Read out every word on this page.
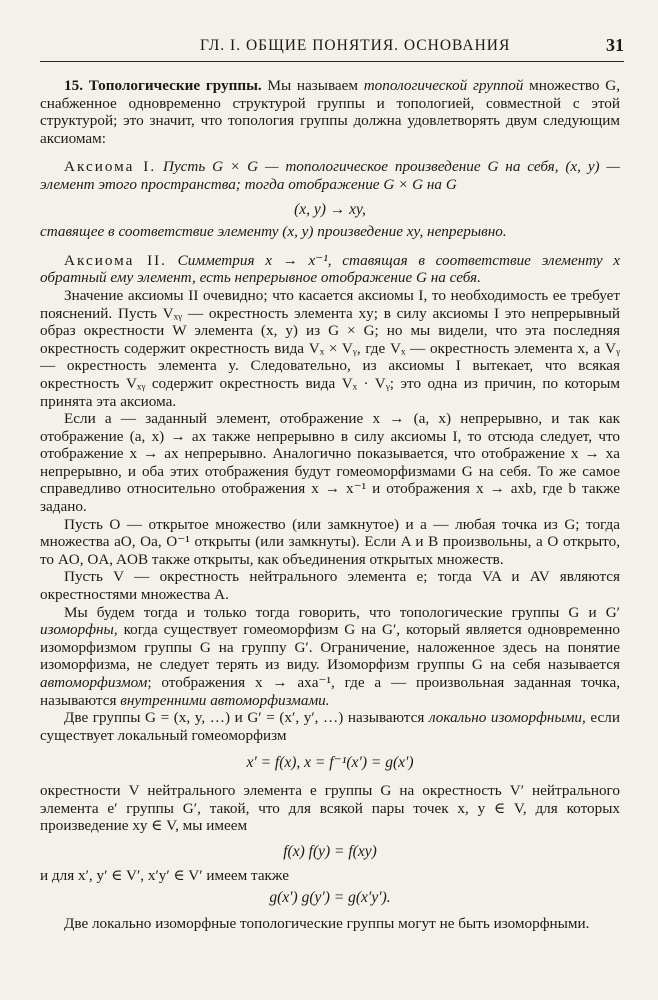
ГЛ. I. ОБЩИЕ ПОНЯТИЯ. ОСНОВАНИЯ	31

15. Топологические группы. Мы называем топологической группой множество G, снабженное одновременно структурой группы и топологией, совместной с этой структурой; это значит, что топология группы должна удовлетворять двум следующим аксиомам:

Аксиома I. Пусть G × G — топологическое произведение G на себя, (x, y) — элемент этого пространства; тогда отображение G × G на G

(x, y) → xy,

ставящее в соответствие элементу (x, y) произведение xy, непрерывно.

Аксиома II. Симметрия x → x⁻¹, ставящая в соответствие элементу x обратный ему элемент, есть непрерывное отображение G на себя.

Значение аксиомы II очевидно; что касается аксиомы I, то необходимость ее требует пояснений. Пусть Vₓᵧ — окрестность элемента xy; в силу аксиомы I это непрерывный образ окрестности W элемента (x, y) из G × G; но мы видели, что эта последняя окрестность содержит окрестность вида Vₓ × Vᵧ, где Vₓ — окрестность элемента x, а Vᵧ — окрестность элемента y. Следовательно, из аксиомы I вытекает, что всякая окрестность Vₓᵧ содержит окрестность вида Vₓ · Vᵧ; это одна из причин, по которым принята эта аксиома.

Если a — заданный элемент, отображение x → (a, x) непрерывно, и так как отображение (a, x) → ax также непрерывно в силу аксиомы I, то отсюда следует, что отображение x → ax непрерывно. Аналогично показывается, что отображение x → xa непрерывно, и оба этих отображения будут гомеоморфизмами G на себя. То же самое справедливо относительно отображения x → x⁻¹ и отображения x → axb, где b также задано.

Пусть O — открытое множество (или замкнутое) и a — любая точка из G; тогда множества aO, Oa, O⁻¹ открыты (или замкнуты). Если A и B произвольны, а O открыто, то AO, OA, AOB также открыты, как объединения открытых множеств.

Пусть V — окрестность нейтрального элемента e; тогда VA и AV являются окрестностями множества A.

Мы будем тогда и только тогда говорить, что топологические группы G и G′ изоморфны, когда существует гомеоморфизм G на G′, который является одновременно изоморфизмом группы G на группу G′. Ограничение, наложенное здесь на понятие изоморфизма, не следует терять из виду. Изоморфизм группы G на себя называется автоморфизмом; отображения x → axa⁻¹, где a — произвольная заданная точка, называются внутренними автоморфизмами.

Две группы G = (x, y, …) и G′ = (x′, y′, …) называются локально изоморфными, если существует локальный гомеоморфизм

x′ = f(x), x = f⁻¹(x′) = g(x′)

окрестности V нейтрального элемента e группы G на окрестность V′ нейтрального элемента e′ группы G′, такой, что для всякой пары точек x, y ∈ V, для которых произведение xy ∈ V, мы имеем

f(x) f(y) = f(xy)

и для x′, y′ ∈ V′, x′y′ ∈ V′ имеем также

g(x′) g(y′) = g(x′y′).

Две локально изоморфные топологические группы могут не быть изоморфными.
